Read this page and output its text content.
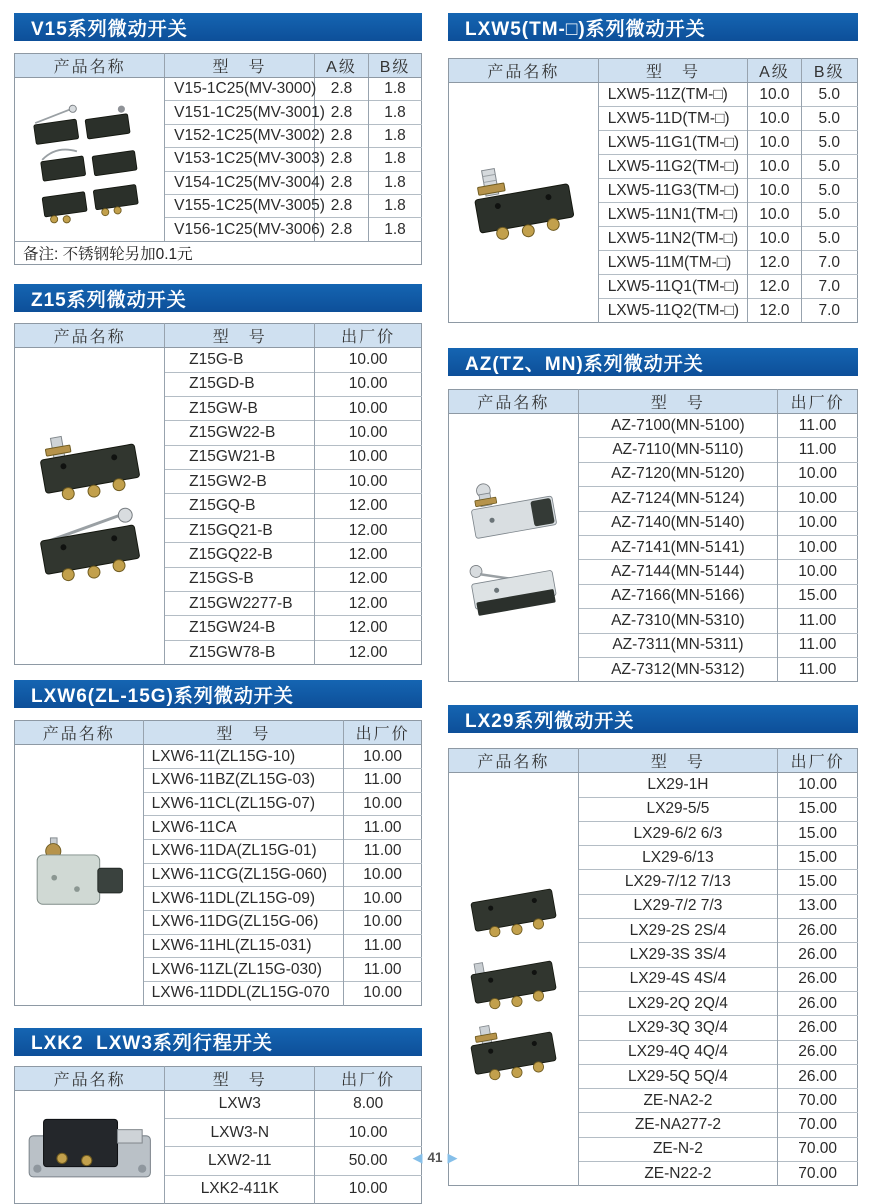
V15系列微动开关
产品名称	型　号	A级	B级

	V15-1C25(MV-3000)	2.8	1.8
	V151-1C25(MV-3001)	2.8	1.8
	V152-1C25(MV-3002)	2.8	1.8
	V153-1C25(MV-3003)	2.8	1.8
	V154-1C25(MV-3004)	2.8	1.8
	V155-1C25(MV-3005)	2.8	1.8
	V156-1C25(MV-3006)	2.8	1.8
备注: 不锈钢轮另加0.1元			
Z15系列微动开关
产品名称	型　号	出厂价

	Z15G-B	10.00
	Z15GD-B	10.00
	Z15GW-B	10.00
	Z15GW22-B	10.00
	Z15GW21-B	10.00
	Z15GW2-B	10.00
	Z15GQ-B	12.00
	Z15GQ21-B	12.00
	Z15GQ22-B	12.00
	Z15GS-B	12.00
	Z15GW2277-B	12.00
	Z15GW24-B	12.00
	Z15GW78-B	12.00
LXW6(ZL-15G)系列微动开关
产品名称	型　号	出厂价

	LXW6-11(ZL15G-10)	10.00
	LXW6-11BZ(ZL15G-03)	11.00
	LXW6-11CL(ZL15G-07)	10.00
	LXW6-11CA	11.00
	LXW6-11DA(ZL15G-01)	11.00
	LXW6-11CG(ZL15G-060)	10.00
	LXW6-11DL(ZL15G-09)	10.00
	LXW6-11DG(ZL15G-06)	10.00
	LXW6-11HL(ZL15-031)	11.00
	LXW6-11ZL(ZL15G-030)	11.00
	LXW6-11DDL(ZL15G-070	10.00
LXK2  LXW3系列行程开关
产品名称	型　号	出厂价

	LXW3	8.00
	LXW3-N	10.00
	LXW2-11	50.00
	LXK2-411K	10.00
LXW5(TM-□)系列微动开关
产品名称	型　号	A级	B级

	LXW5-11Z(TM-□)	10.0	5.0
	LXW5-11D(TM-□)	10.0	5.0
	LXW5-11G1(TM-□)	10.0	5.0
	LXW5-11G2(TM-□)	10.0	5.0
	LXW5-11G3(TM-□)	10.0	5.0
	LXW5-11N1(TM-□)	10.0	5.0
	LXW5-11N2(TM-□)	10.0	5.0
	LXW5-11M(TM-□)	12.0	7.0
	LXW5-11Q1(TM-□)	12.0	7.0
	LXW5-11Q2(TM-□)	12.0	7.0
AZ(TZ、MN)系列微动开关
产品名称	型　号	出厂价

	AZ-7100(MN-5100)	11.00
	AZ-7110(MN-5110)	11.00
	AZ-7120(MN-5120)	10.00
	AZ-7124(MN-5124)	10.00
	AZ-7140(MN-5140)	10.00
	AZ-7141(MN-5141)	10.00
	AZ-7144(MN-5144)	10.00
	AZ-7166(MN-5166)	15.00
	AZ-7310(MN-5310)	11.00
	AZ-7311(MN-5311)	11.00
	AZ-7312(MN-5312)	11.00
LX29系列微动开关
产品名称	型　号	出厂价

	LX29-1H	10.00
	LX29-5/5	15.00
	LX29-6/2 6/3	15.00
	LX29-6/13	15.00
	LX29-7/12 7/13	15.00
	LX29-7/2 7/3	13.00
	LX29-2S 2S/4	26.00
	LX29-3S 3S/4	26.00
	LX29-4S 4S/4	26.00
	LX29-2Q 2Q/4	26.00
	LX29-3Q 3Q/4	26.00
	LX29-4Q 4Q/4	26.00
	LX29-5Q 5Q/4	26.00
	ZE-NA2-2	70.00
	ZE-NA277-2	70.00
	ZE-N-2	70.00
	ZE-N22-2	70.00
◀ 41 ▶
